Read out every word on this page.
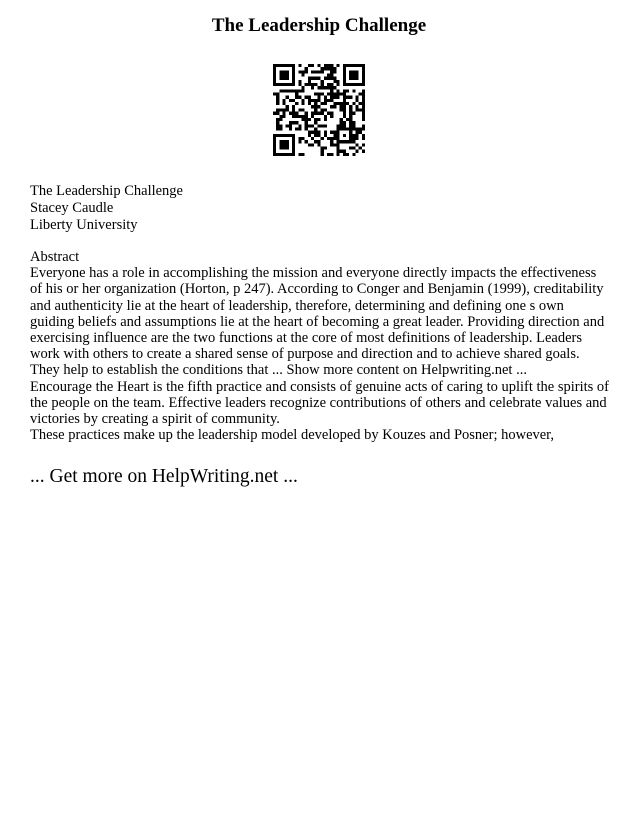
The Leadership Challenge
The Leadership Challenge
Stacey Caudle
Liberty University

Abstract

Everyone has a role in accomplishing the mission and everyone directly impacts the effectiveness of his or her organization (Horton, p 247). According to Conger and Benjamin (1999), creditability and authenticity lie at the heart of leadership, therefore, determining and defining one s own guiding beliefs and assumptions lie at the heart of becoming a great leader. Providing direction and exercising influence are the two functions at the core of most definitions of leadership. Leaders work with others to create a shared sense of purpose and direction and to achieve shared goals. They help to establish the conditions that ... Show more content on Helpwriting.net ...

Encourage the Heart is the fifth practice and consists of genuine acts of caring to uplift the spirits of the people on the team. Effective leaders recognize contributions of others and celebrate values and victories by creating a spirit of community.

These practices make up the leadership model developed by Kouzes and Posner; however,

... Get more on HelpWriting.net ...
